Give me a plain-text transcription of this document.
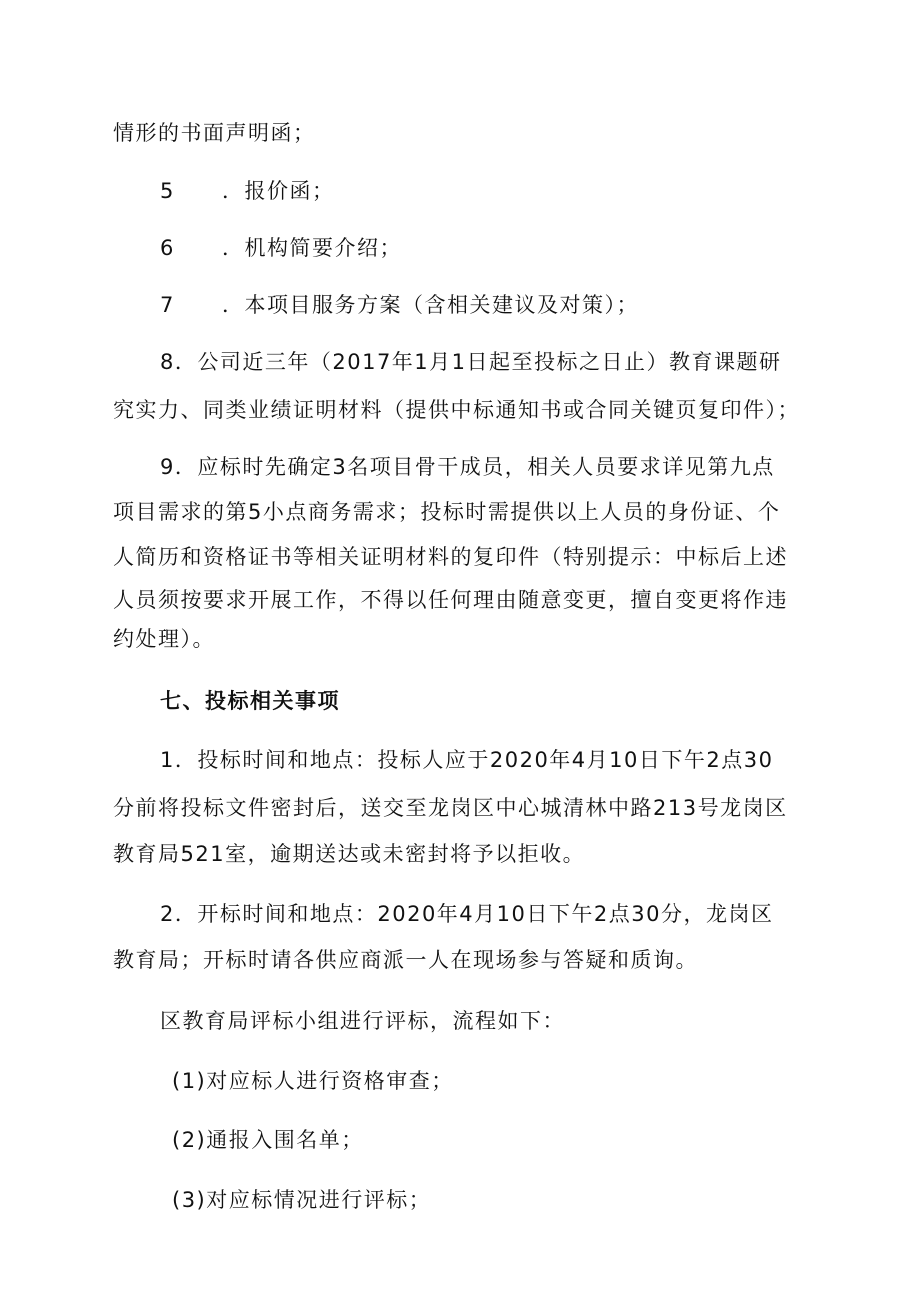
情形的书面声明函；
5 ．报价函；
6 ．机构简要介绍；
7 ．本项目服务方案（含相关建议及对策）；
8．公司近三年（2017年1月1日起至投标之日止）教育课题研
究实力、同类业绩证明材料（提供中标通知书或合同关键页复印件）；
9．应标时先确定3名项目骨干成员，相关人员要求详见第九点
项目需求的第5小点商务需求；投标时需提供以上人员的身份证、个
人简历和资格证书等相关证明材料的复印件（特别提示：中标后上述
人员须按要求开展工作，不得以任何理由随意变更，擅自变更将作违
约处理）。
七、投标相关事项
1．投标时间和地点：投标人应于2020年4月10日下午2点30
分前将投标文件密封后，送交至龙岗区中心城清林中路213号龙岗区
教育局521室，逾期送达或未密封将予以拒收。
2．开标时间和地点：2020年4月10日下午2点30分，龙岗区
教育局；开标时请各供应商派一人在现场参与答疑和质询。
区教育局评标小组进行评标，流程如下：
(1)对应标人进行资格审查；
(2)通报入围名单；
(3)对应标情况进行评标；
